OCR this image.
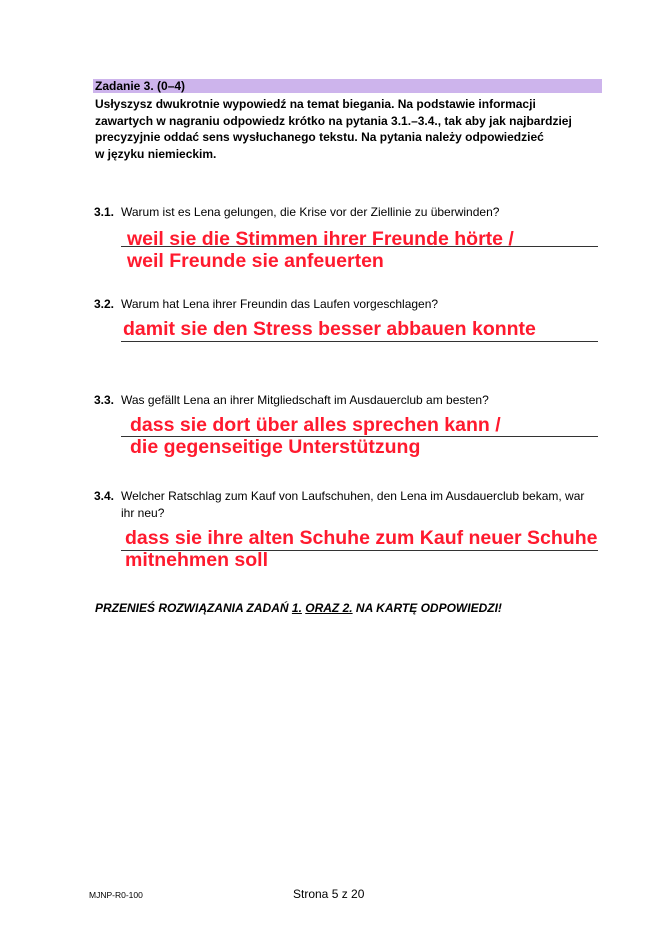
Zadanie 3. (0–4)
Usłyszysz dwukrotnie wypowiedź na temat biegania. Na podstawie informacji
zawartych w nagraniu odpowiedz krótko na pytania 3.1.–3.4., tak aby jak najbardziej
precyzyjnie oddać sens wysłuchanego tekstu. Na pytania należy odpowiedzieć
w języku niemieckim.
3.1. Warum ist es Lena gelungen, die Krise vor der Ziellinie zu überwinden?
weil sie die Stimmen ihrer Freunde hörte /
weil Freunde sie anfeuerten
3.2. Warum hat Lena ihrer Freundin das Laufen vorgeschlagen?
damit sie den Stress besser abbauen konnte
3.3. Was gefällt Lena an ihrer Mitgliedschaft im Ausdauerclub am besten?
dass sie dort über alles sprechen kann /
die gegenseitige Unterstützung
3.4. Welcher Ratschlag zum Kauf von Laufschuhen, den Lena im Ausdauerclub bekam, war
ihr neu?
dass sie ihre alten Schuhe zum Kauf neuer Schuhe
mitnehmen soll
PRZENIEŚ ROZWIĄZANIA ZADAŃ 1. ORAZ 2. NA KARTĘ ODPOWIEDZI!
MJNP-R0-100	Strona 5 z 20
